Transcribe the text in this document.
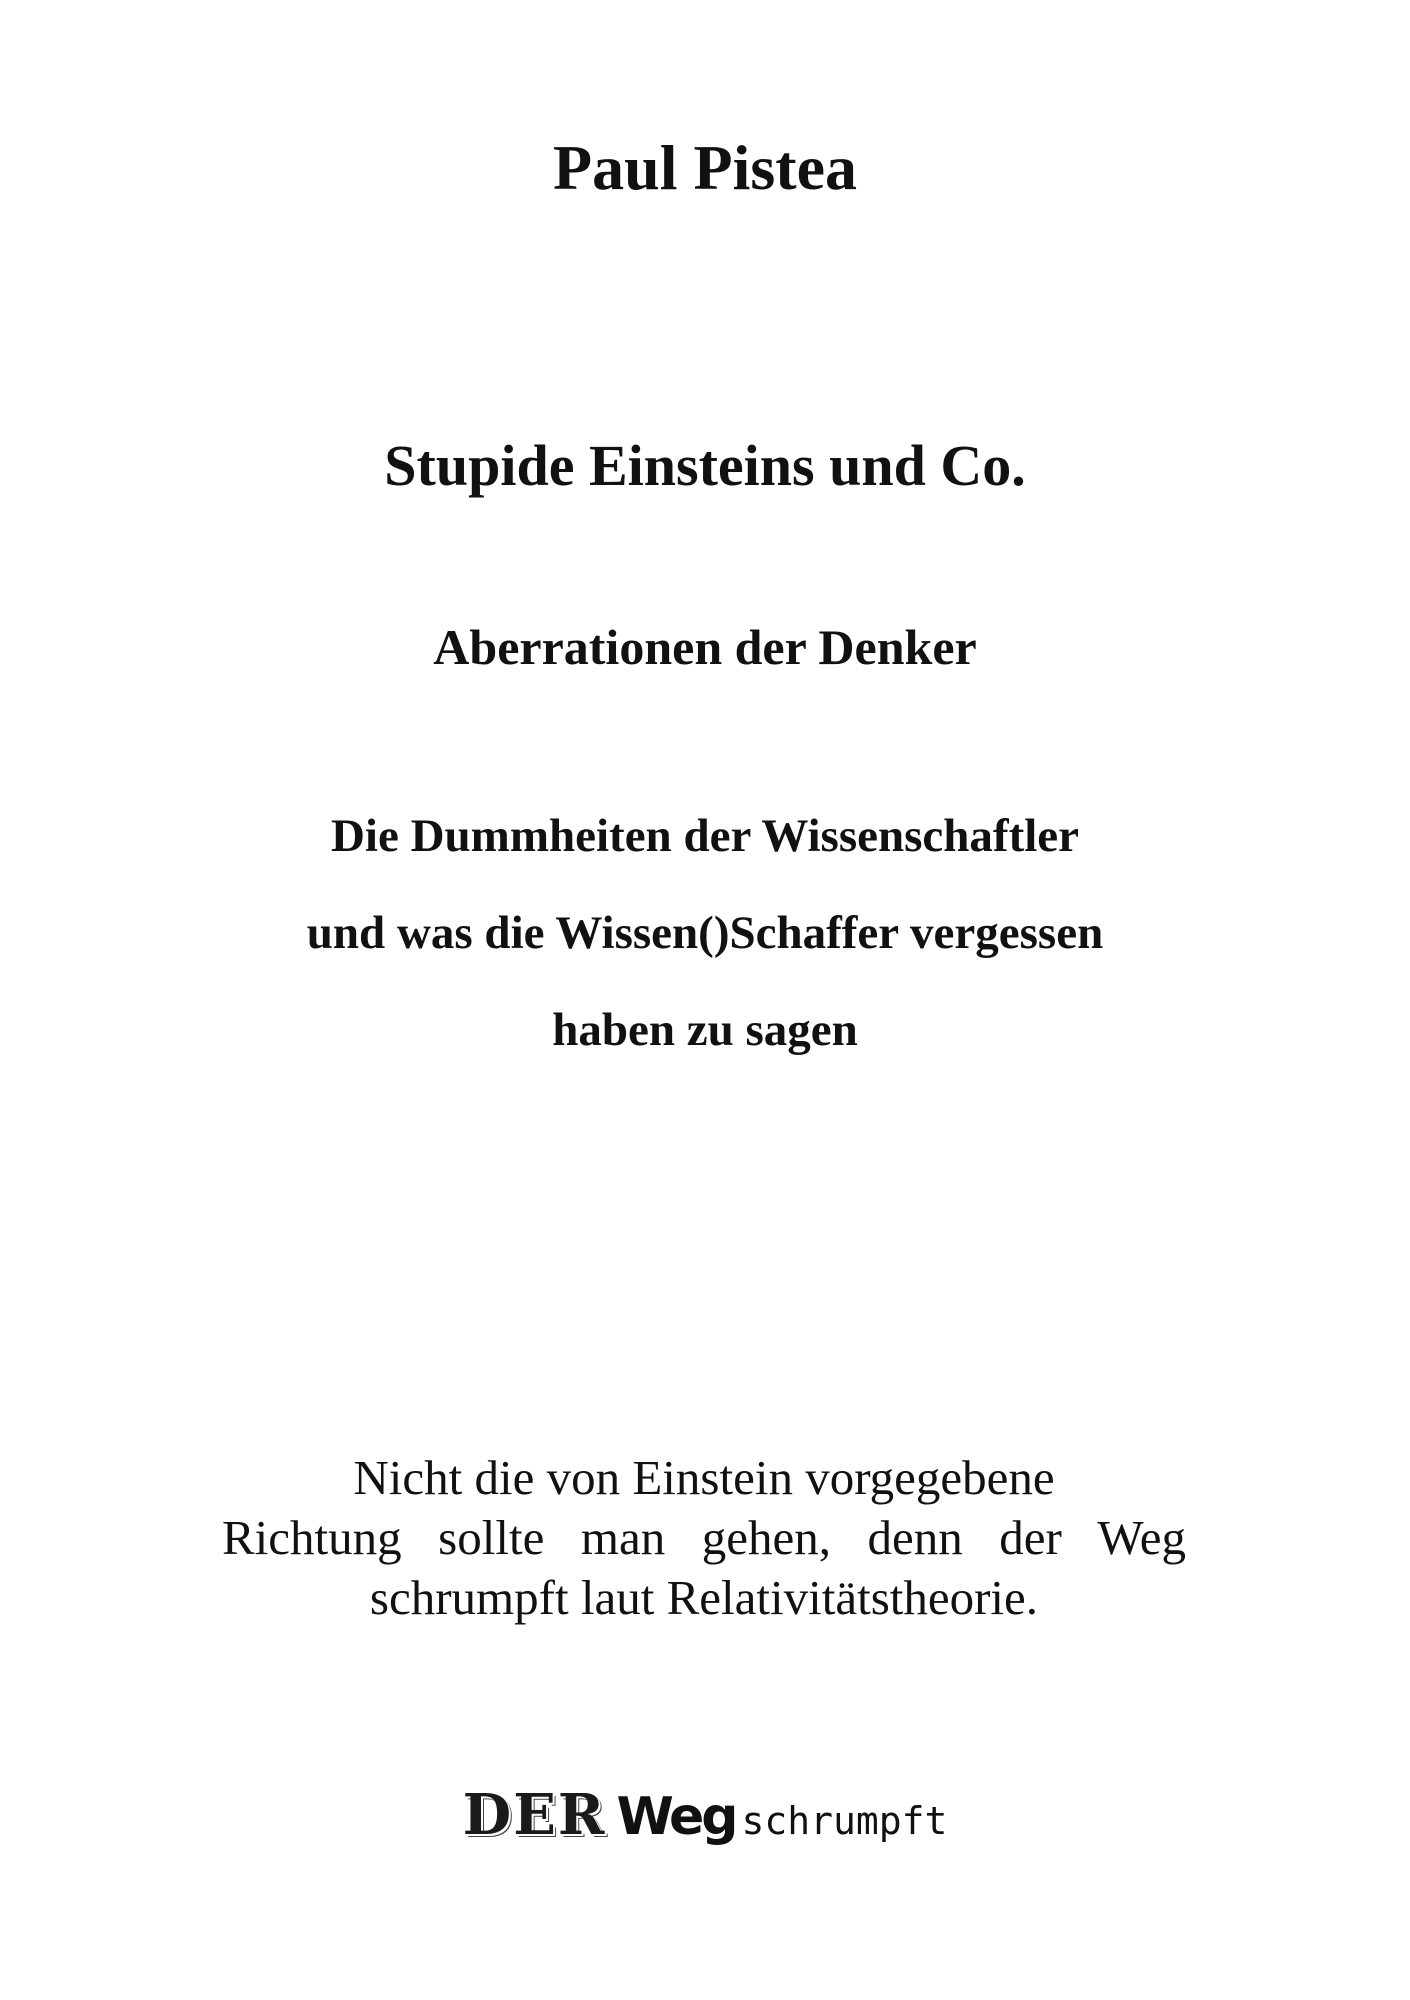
Paul Pistea
Stupide Einsteins und Co.
Aberrationen der Denker
Die Dummheiten der Wissenschaftler
und was die Wissen()Schaffer vergessen
haben zu sagen
Nicht die von Einstein vorgegebene
Richtung sollte man gehen, denn der Weg
schrumpft laut Relativitätstheorie.
DER Weg schrumpft
